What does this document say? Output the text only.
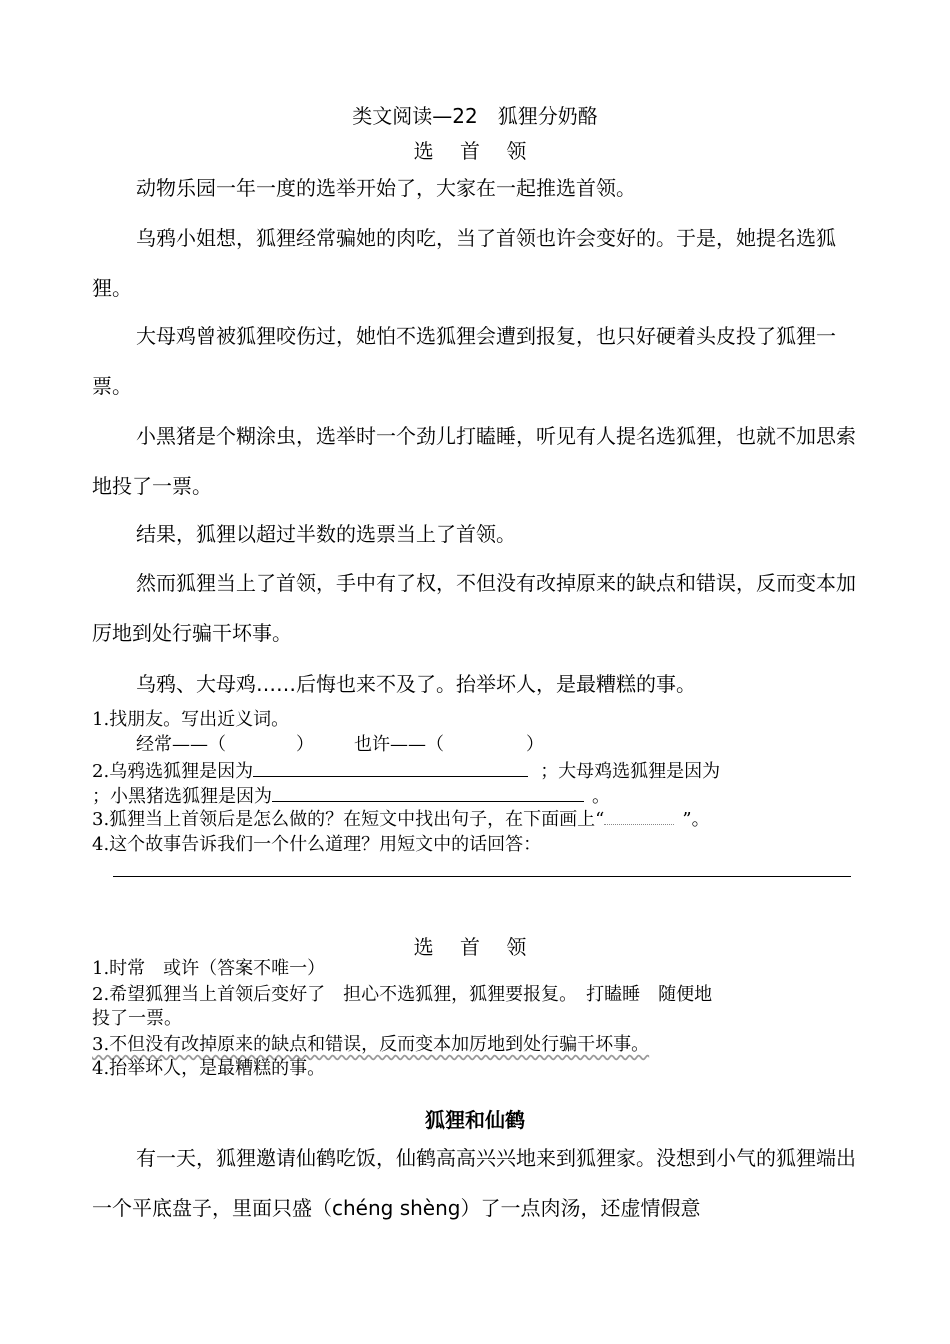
类文阅读—22　狐狸分奶酪
选 首 领
动物乐园一年一度的选举开始了，大家在一起推选首领。
乌鸦小姐想，狐狸经常骗她的肉吃，当了首领也许会变好的。于是，她提名选狐狸。
大母鸡曾被狐狸咬伤过，她怕不选狐狸会遭到报复，也只好硬着头皮投了狐狸一票。
小黑猪是个糊涂虫，选举时一个劲儿打瞌睡，听见有人提名选狐狸，也就不加思索地投了一票。
结果，狐狸以超过半数的选票当上了首领。
然而狐狸当上了首领，手中有了权，不但没有改掉原来的缺点和错误，反而变本加厉地到处行骗干坏事。
乌鸦、大母鸡……后悔也来不及了。抬举坏人，是最糟糕的事。
1.找朋友。写出近义词。
经常——（	） 也许——（	）
2.乌鸦选狐狸是因为	；大母鸡选狐狸是因为
；小黑猪选狐狸是因为	。
3.狐狸当上首领后是怎么做的？在短文中找出句子，在下面画上“	”。
4.这个故事告诉我们一个什么道理？用短文中的话回答：
选 首 领
1.时常　或许（答案不唯一）
2.希望狐狸当上首领后变好了　担心不选狐狸，狐狸要报复。　打瞌睡　随便地
投了一票。
3.不但没有改掉原来的缺点和错误，反而变本加厉地到处行骗干坏事。
4.抬举坏人，是最糟糕的事。
狐狸和仙鹤
有一天，狐狸邀请仙鹤吃饭，仙鹤高高兴兴地来到狐狸家。没想到小气的狐狸端出一个平底盘子，里面只盛（chéng shèng）了一点肉汤，还虚情假意
